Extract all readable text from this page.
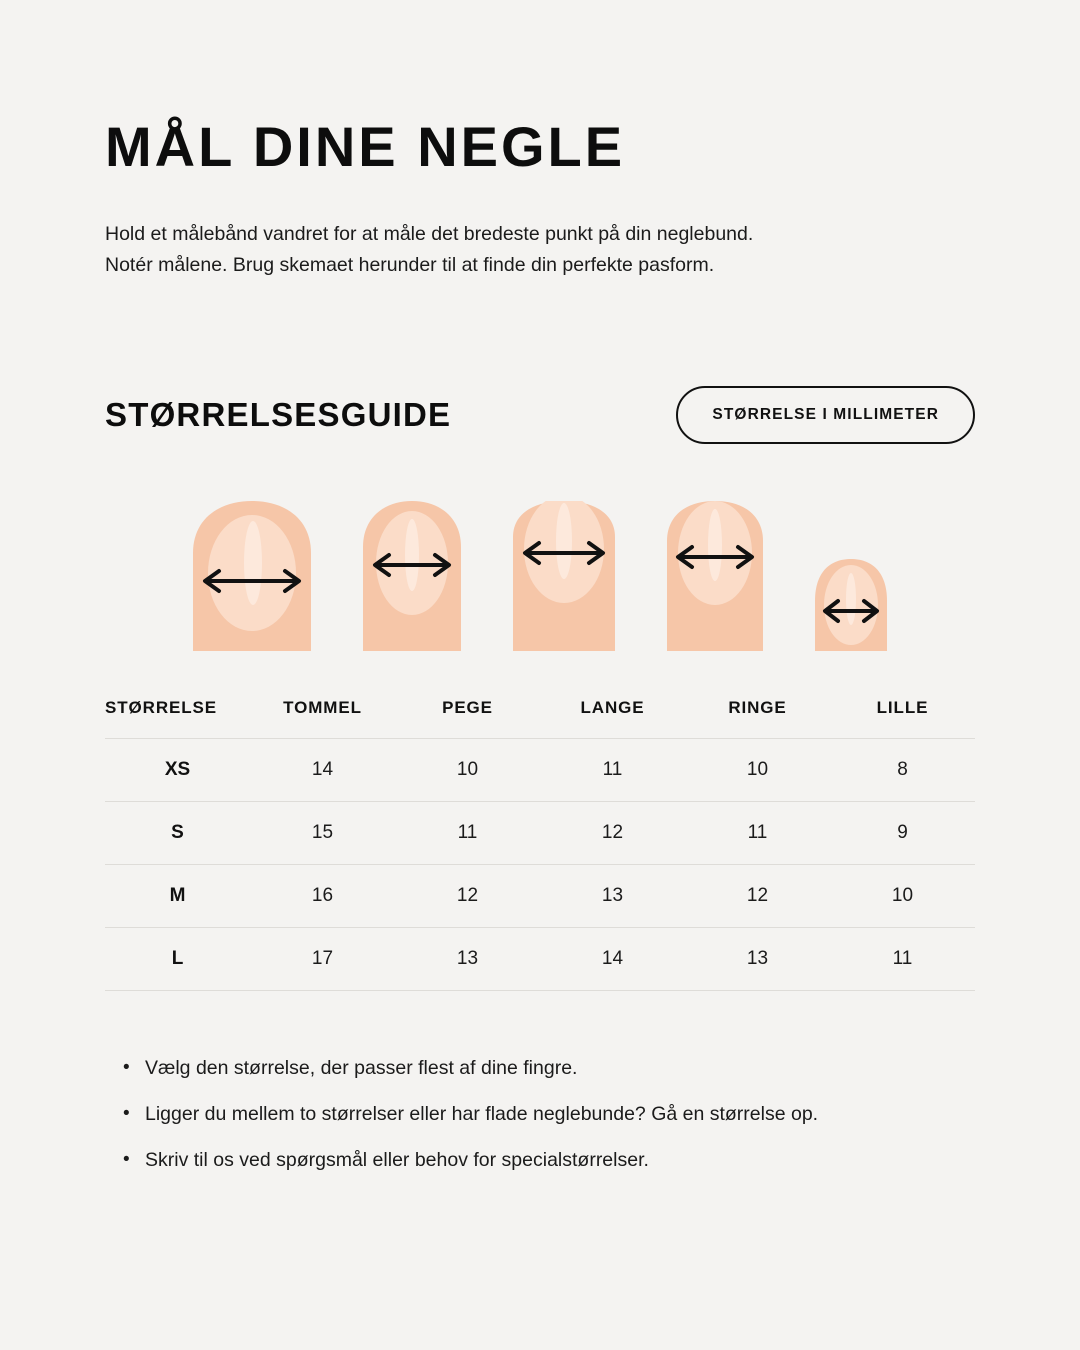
MÅL DINE NEGLE

Hold et målebånd vandret for at måle det bredeste punkt på din neglebund.
Notér målene. Brug skemaet herunder til at finde din perfekte pasform.

STØRRELSESGUIDE	STØRRELSE I MILLIMETER
STØRRELSE	TOMMEL	PEGE	LANGE	RINGE	LILLE
XS	14	10	11	10	8
S	15	11	12	11	9
M	16	12	13	12	10
L	17	13	14	13	11
• Vælg den størrelse, der passer flest af dine fingre.
• Ligger du mellem to størrelser eller har flade neglebunde? Gå en størrelse op.
• Skriv til os ved spørgsmål eller behov for specialstørrelser.
